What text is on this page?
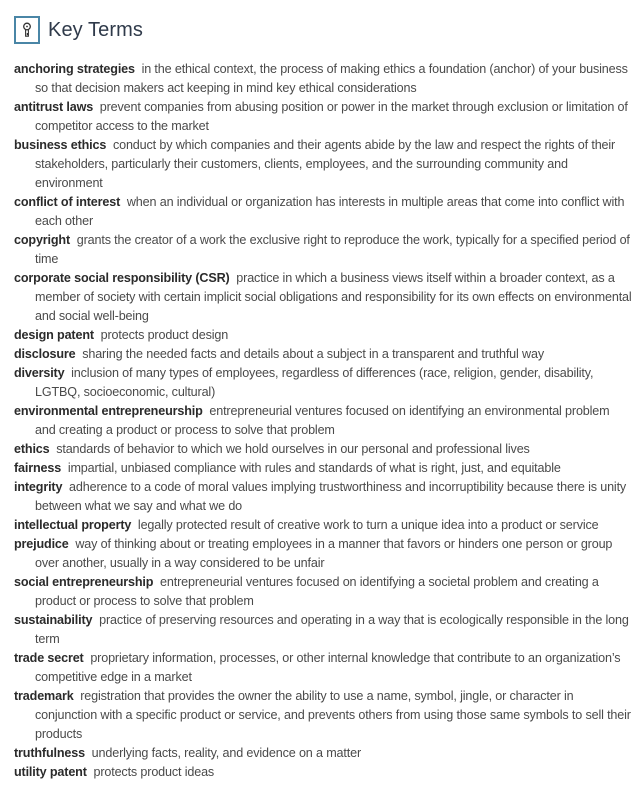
Key Terms
anchoring strategies in the ethical context, the process of making ethics a foundation (anchor) of your business so that decision makers act keeping in mind key ethical considerations
antitrust laws prevent companies from abusing position or power in the market through exclusion or limitation of competitor access to the market
business ethics conduct by which companies and their agents abide by the law and respect the rights of their stakeholders, particularly their customers, clients, employees, and the surrounding community and environment
conflict of interest when an individual or organization has interests in multiple areas that come into conflict with each other
copyright grants the creator of a work the exclusive right to reproduce the work, typically for a specified period of time
corporate social responsibility (CSR) practice in which a business views itself within a broader context, as a member of society with certain implicit social obligations and responsibility for its own effects on environmental and social well-being
design patent protects product design
disclosure sharing the needed facts and details about a subject in a transparent and truthful way
diversity inclusion of many types of employees, regardless of differences (race, religion, gender, disability, LGTBQ, socioeconomic, cultural)
environmental entrepreneurship entrepreneurial ventures focused on identifying an environmental problem and creating a product or process to solve that problem
ethics standards of behavior to which we hold ourselves in our personal and professional lives
fairness impartial, unbiased compliance with rules and standards of what is right, just, and equitable
integrity adherence to a code of moral values implying trustworthiness and incorruptibility because there is unity between what we say and what we do
intellectual property legally protected result of creative work to turn a unique idea into a product or service
prejudice way of thinking about or treating employees in a manner that favors or hinders one person or group over another, usually in a way considered to be unfair
social entrepreneurship entrepreneurial ventures focused on identifying a societal problem and creating a product or process to solve that problem
sustainability practice of preserving resources and operating in a way that is ecologically responsible in the long term
trade secret proprietary information, processes, or other internal knowledge that contribute to an organization’s competitive edge in a market
trademark registration that provides the owner the ability to use a name, symbol, jingle, or character in conjunction with a specific product or service, and prevents others from using those same symbols to sell their products
truthfulness underlying facts, reality, and evidence on a matter
utility patent protects product ideas
